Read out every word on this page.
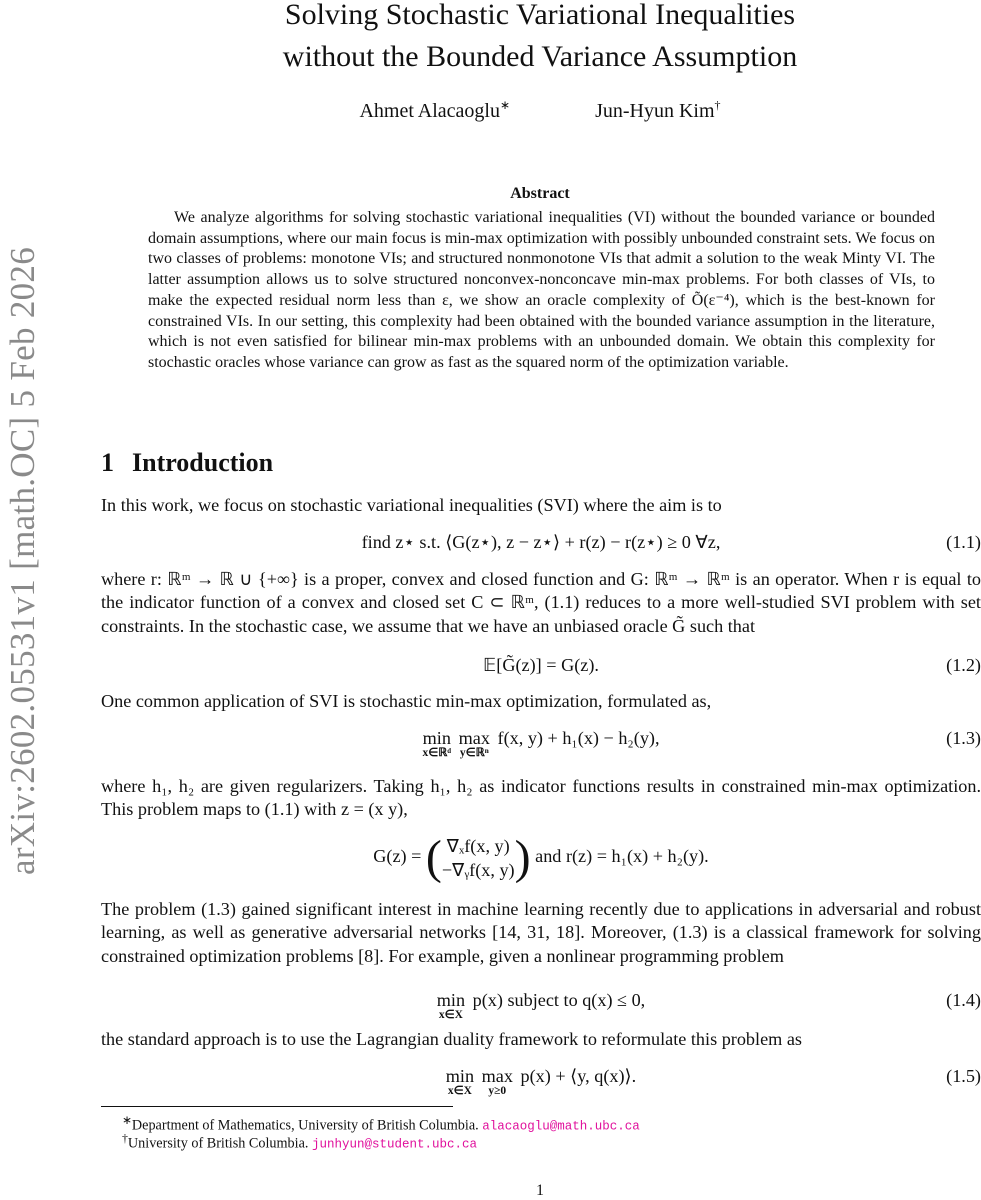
arXiv:2602.05531v1 [math.OC] 5 Feb 2026
Solving Stochastic Variational Inequalities
without the Bounded Variance Assumption
Ahmet Alacaoglu∗	Jun-Hyun Kim†
Abstract
We analyze algorithms for solving stochastic variational inequalities (VI) without the bounded variance or bounded domain assumptions, where our main focus is min-max optimization with possibly unbounded constraint sets. We focus on two classes of problems: monotone VIs; and structured nonmonotone VIs that admit a solution to the weak Minty VI. The latter assumption allows us to solve structured nonconvex-nonconcave min-max problems. For both classes of VIs, to make the expected residual norm less than ε, we show an oracle complexity of Õ(ε⁻⁴), which is the best-known for constrained VIs. In our setting, this complexity had been obtained with the bounded variance assumption in the literature, which is not even satisfied for bilinear min-max problems with an unbounded domain. We obtain this complexity for stochastic oracles whose variance can grow as fast as the squared norm of the optimization variable.
1 Introduction
In this work, we focus on stochastic variational inequalities (SVI) where the aim is to
find z⋆ s.t. ⟨G(z⋆), z − z⋆⟩ + r(z) − r(z⋆) ≥ 0 ∀z,	(1.1)
where r: ℝᵐ → ℝ ∪ {+∞} is a proper, convex and closed function and G: ℝᵐ → ℝᵐ is an operator. When r is equal to the indicator function of a convex and closed set C ⊂ ℝᵐ, (1.1) reduces to a more well-studied SVI problem with set constraints. In the stochastic case, we assume that we have an unbiased oracle G̃ such that
𝔼[G̃(z)] = G(z).	(1.2)
One common application of SVI is stochastic min-max optimization, formulated as,
min
x∈ℝᵈ

max
y∈ℝⁿ
f(x, y) + h₁(x) − h₂(y),	(1.3)
where h₁, h₂ are given regularizers. Taking h₁, h₂ as indicator functions results in constrained min-max optimization. This problem maps to (1.1) with z = (x y),
G(z) = ( ∇ₓf(x, y)
−∇ᵧf(x, y)) and r(z) = h₁(x) + h₂(y).
The problem (1.3) gained significant interest in machine learning recently due to applications in adversarial and robust learning, as well as generative adversarial networks [14, 31, 18]. Moreover, (1.3) is a classical framework for solving constrained optimization problems [8]. For example, given a nonlinear programming problem
min
x∈X
p(x) subject to q(x) ≤ 0,	(1.4)
the standard approach is to use the Lagrangian duality framework to reformulate this problem as
min
x∈X

max
y≥0
p(x) + ⟨y, q(x)⟩.	(1.5)
∗Department of Mathematics, University of British Columbia. alacaoglu@math.ubc.ca
†University of British Columbia. junhyun@student.ubc.ca
1
